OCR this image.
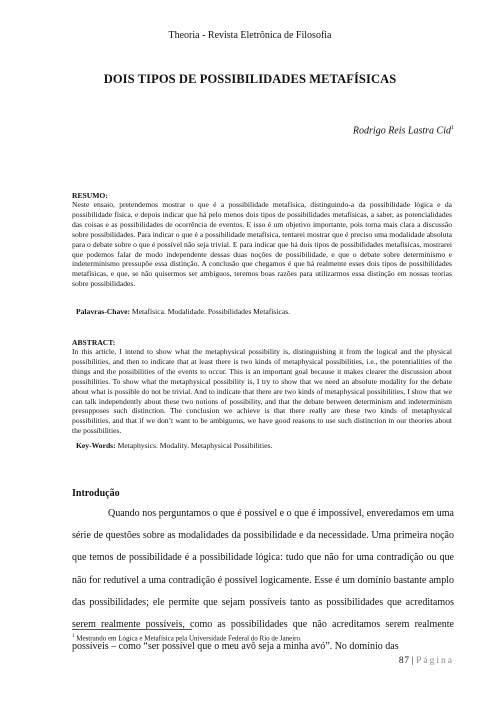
Theoria - Revista Eletrônica de Filosofia
DOIS TIPOS DE POSSIBILIDADES METAFÍSICAS
Rodrigo Reis Lastra Cid$^1$
RESUMO:
Neste ensaio, pretendemos mostrar o que é a possibilidade metafísica, distinguindo-a da possibilidade lógica e da possibilidade física, e depois indicar que há pelo menos dois tipos de possibilidades metafísicas, a saber, as potencialidades das coisas e as possibilidades de ocorrência de eventos. E isso é um objetivo importante, pois torna mais clara a discussão sobre possibilidades. Para indicar o que é a possibilidade metafísica, tentarei mostrar que é preciso uma modalidade absoluta para o debate sobre o que é possível não seja trivial. E para indicar que há dois tipos de possibilidades metafísicas, mostrarei que podemos falar de modo independente dessas duas noções de possibilidade, e que o debate sobre determinismo e indeterminismo pressupõe essa distinção. A conclusão que chegamos é que há realmente esses dois tipos de possibilidades metafísicas, e que, se não quisermos ser ambíguos, teremos boas razões para utilizarmos essa distinção em nossas teorias sobre possibilidades.
Palavras-Chave: Metafísica. Modalidade. Possibilidades Metafísicas.
ABSTRACT:
In this article, I intend to show what the metaphysical possibility is, distinguishing it from the logical and the physical possibilities, and then to indicate that at least there is two kinds of metaphysical possibilities, i.e., the potentialities of the things and the possibilities of the events to occur. This is an important goal because it makes clearer the discussion about possibilities. To show what the metaphysical possibility is, I try to show that we need an absolute modality for the debate about what is possible do not be trivial. And to indicate that there are two kinds of metaphysical possibilities, I show that we can talk independently about these two notions of possibility, and that the debate between determinism and indeterminism presupposes such distinction. The conclusion we achieve is that there really are these two kinds of metaphysical possibilities, and that if we don’t want to be ambiguous, we have good reasons to use such distinction in our theories about the possibilities.
Key-Words: Metaphysics. Modality. Metaphysical Possibilities.
Introdução
Quando nos perguntamos o que é possível e o que é impossível, enveredamos em uma série de questões sobre as modalidades da possibilidade e da necessidade. Uma primeira noção que temos de possibilidade é a possibilidade lógica: tudo que não for uma contradição ou que não for redutível a uma contradição é possível logicamente. Esse é um domínio bastante amplo das possibilidades; ele permite que sejam possíveis tanto as possibilidades que acreditamos serem realmente possíveis, como as possibilidades que não acreditamos serem realmente possíveis – como “ser possível que o meu avô seja a minha avó”. No domínio das
$^1$ Mestrando em Lógica e Metafísica pela Universidade Federal do Rio de Janeiro.
87 | Página
